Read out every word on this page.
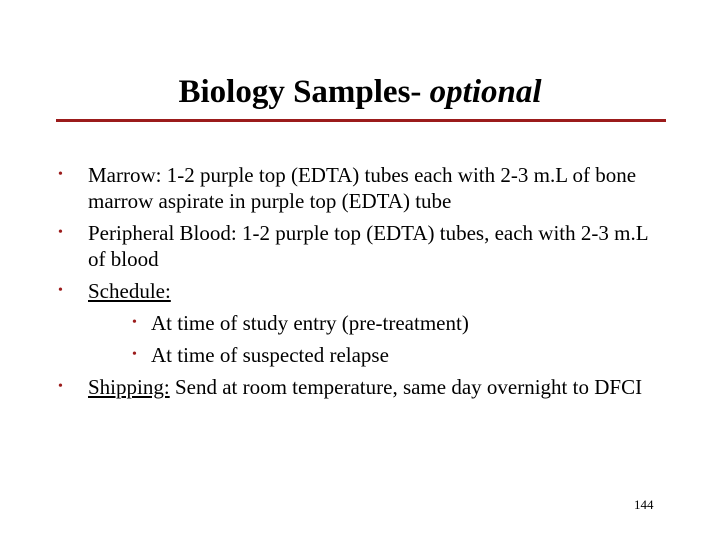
Biology Samples- optional
• Marrow: 1-2 purple top (EDTA) tubes each with 2-3 m.L of bone marrow aspirate in purple top (EDTA) tube
• Peripheral Blood: 1-2 purple top (EDTA) tubes, each with 2-3 m.L of blood
• Schedule:
• At time of study entry (pre-treatment)
• At time of suspected relapse
• Shipping: Send at room temperature, same day overnight to DFCI
144
